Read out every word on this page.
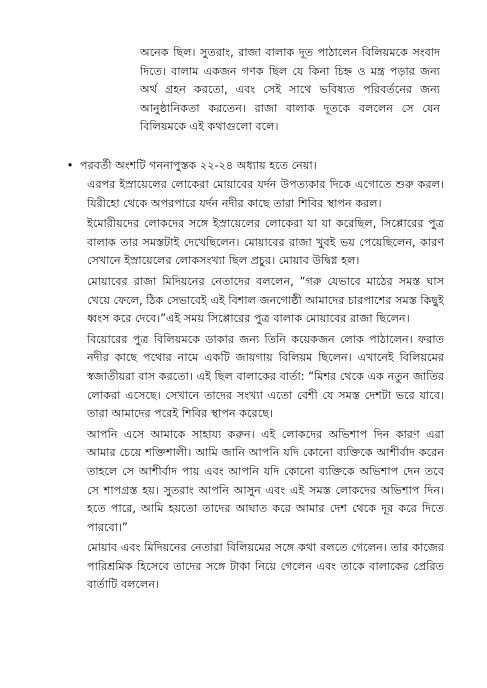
অনেক ছিল। সুতরাং, রাজা বালাক দূত পাঠালেন বিলিয়মকে সংবাদ দিতে। বালাম একজন গণক ছিল যে কিনা চিহ্ন ও মন্ত্র পড়ার জন্য অর্থ গ্রহন করতো, এবং সেই সাথে ভবিষ্যত পরিবর্তনের জন্য আনুষ্ঠানিকতা করতেন। রাজা বালাক দূতকে বললেন সে যেন বিলিয়মকে এই কথাগুলো বলে।

• পরবর্তী অংশটি গননাপুস্তক ২২-২৪ অধ্যায় হতে নেয়া।

এরপর ইস্রায়েলের লোকেরা মোয়াবের যর্দন উপত্যকার দিকে এগোতে শুরু করল। যিরীহো থেকে অপরপারে যর্দন নদীর কাছে তারা শিবির স্থাপন করল।

ইমোরীয়দের লোকদের সঙ্গে ইস্রায়েলের লোকেরা যা যা করেছিল, সিপ্পোরের পুত্র বালাক তার সমস্তটাই দেখেছিলেন। মোয়াবের রাজা খুবই ভয় পেয়েছিলেন, কারণ সেখানে ইস্রায়েলের লোকসংখ্যা ছিল প্রচুর। মোয়াব উদ্বিগ্ন হল।

মোয়াবের রাজা মিদিয়নের নেতাদের বললেন, “গরু যেভাবে মাঠের সমস্ত ঘাস খেয়ে ফেলে, ঠিক সেভাবেই এই বিশাল জনগোষ্ঠী আমাদের চারপাশের সমস্ত কিছুই ধ্বংস করে দেবে।”এই সময় সিপ্পোরের পুত্র বালাক মোয়াবের রাজা ছিলেন।

বিয়োরের পুত্র বিলিয়মকে ডাকার জন্য তিনি কয়েকজন লোক পাঠালেন। ফরাত নদীর কাছে পথোর নামে একটি জায়গায় বিলিয়ম ছিলেন। এখানেই বিলিয়মের স্বজাতীয়রা বাস করতো। এই ছিল বালাকের বার্তা: “মিশর থেকে এক নতুন জাতির লোকরা এসেছে। সেখানে তাদের সংখ্যা এতো বেশী যে সমস্ত দেশটা ভরে যাবে। তারা আমাদের পরেই শিবির স্থাপন করেছে।

আপনি এসে আমাকে সাহায্য করুন। এই লোকদের অভিশাপ দিন কারণ এরা আমার চেয়ে শক্তিশালী। আমি জানি আপনি যদি কোনো ব্যক্তিকে আশীর্বাদ করেন তাহলে সে আশীর্বাদ পায় এবং আপনি যদি কোনো ব্যক্তিকে অভিশাপ দেন তবে সে শাপগ্রস্ত হয়। সুতরাং আপনি আসুন এবং এই সমস্ত লোকদের অভিশাপ দিন। হতে পারে, আমি হয়তো তাদের আঘাত করে আমার দেশ থেকে দূর করে দিতে পারবো।”

মোয়াব এবং মিদিয়নের নেতারা বিলিয়মের সঙ্গে কথা বলতে গেলেন। তার কাজের পারিশ্রমিক হিসেবে তাদের সঙ্গে টাকা নিয়ে গেলেন এবং তাকে বালাকের প্রেরিত বার্তাটি বললেন।
